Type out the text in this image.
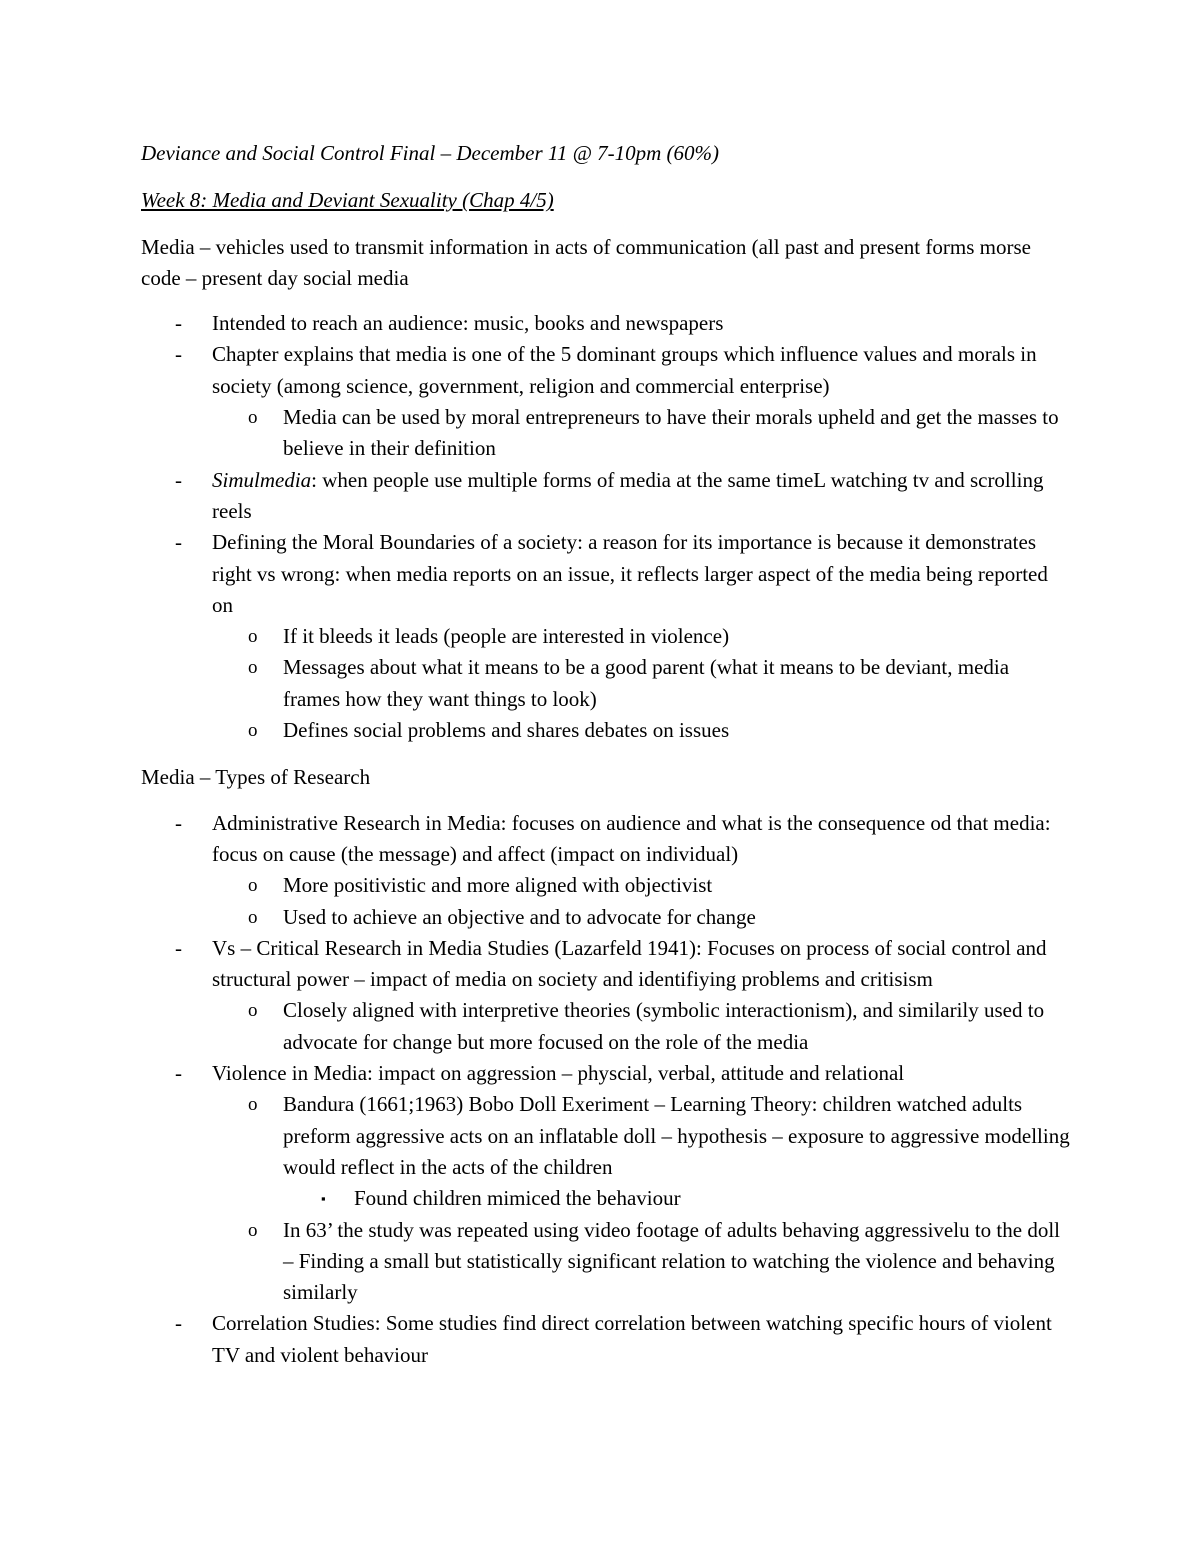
Deviance and Social Control Final – December 11 @ 7-10pm (60%)

Week 8: Media and Deviant Sexuality (Chap 4/5)

Media – vehicles used to transmit information in acts of communication (all past and present forms morse code – present day social media

- Intended to reach an audience: music, books and newspapers
- Chapter explains that media is one of the 5 dominant groups which influence values and morals in society (among science, government, religion and commercial enterprise)
o Media can be used by moral entrepreneurs to have their morals upheld and get the masses to believe in their definition
- Simulmedia: when people use multiple forms of media at the same timeL watching tv and scrolling reels
- Defining the Moral Boundaries of a society: a reason for its importance is because it demonstrates right vs wrong: when media reports on an issue, it reflects larger aspect of the media being reported on
o If it bleeds it leads (people are interested in violence)
o Messages about what it means to be a good parent (what it means to be deviant, media frames how they want things to look)
o Defines social problems and shares debates on issues

Media – Types of Research

- Administrative Research in Media: focuses on audience and what is the consequence od that media: focus on cause (the message) and affect (impact on individual)
o More positivistic and more aligned with objectivist
o Used to achieve an objective and to advocate for change
- Vs – Critical Research in Media Studies (Lazarfeld 1941): Focuses on process of social control and structural power – impact of media on society and identifiying problems and critisism
o Closely aligned with interpretive theories (symbolic interactionism), and similarily used to advocate for change but more focused on the role of the media
- Violence in Media: impact on aggression – physcial, verbal, attitude and relational
o Bandura (1661;1963) Bobo Doll Exeriment – Learning Theory: children watched adults preform aggressive acts on an inflatable doll – hypothesis – exposure to aggressive modelling would reflect in the acts of the children
▪ Found children mimiced the behaviour
o In 63’ the study was repeated using video footage of adults behaving aggressivelu to the doll – Finding a small but statistically significant relation to watching the violence and behaving similarly
- Correlation Studies: Some studies find direct correlation between watching specific hours of violent TV and violent behaviour
